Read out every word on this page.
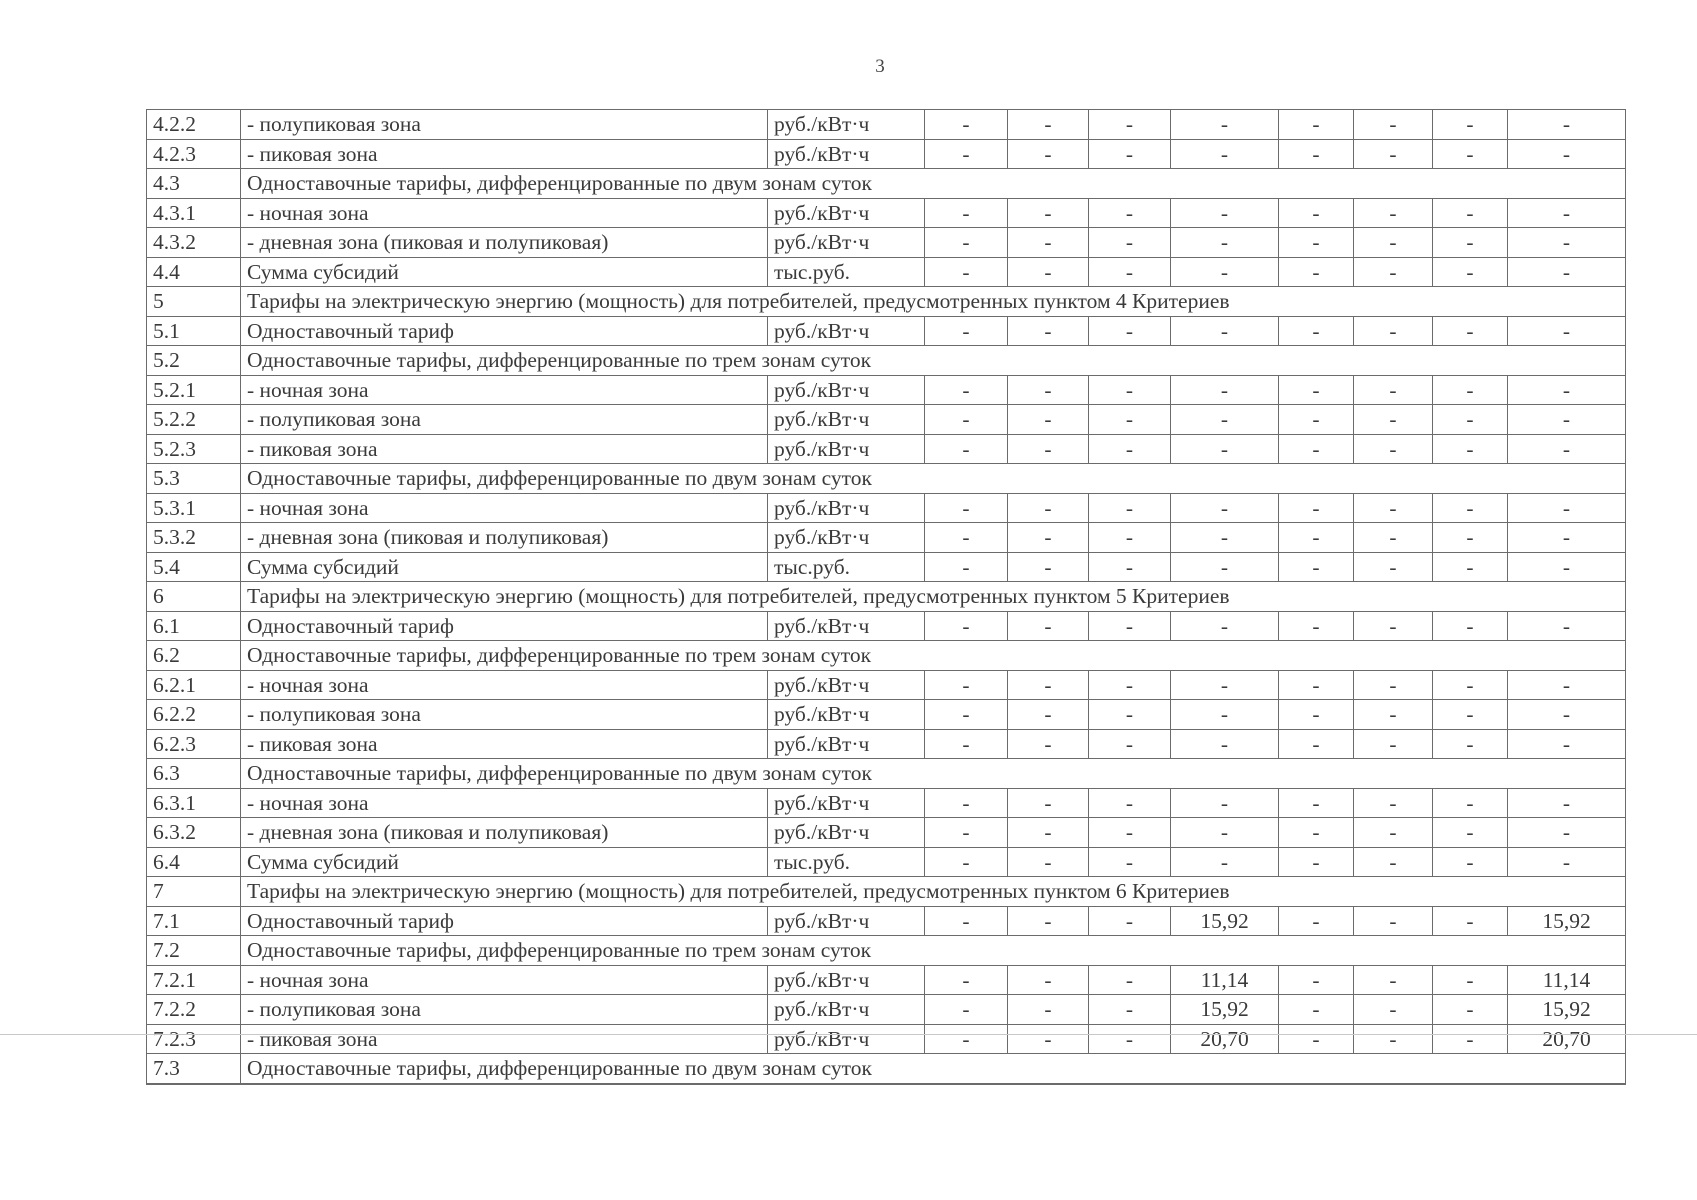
3
4.2.2	- полупиковая зона	руб./кВт·ч	-	-	-	-	-	-	-	-
4.2.3	- пиковая зона	руб./кВт·ч	-	-	-	-	-	-	-	-
4.3	Одноставочные тарифы, дифференцированные по двум зонам суток									
4.3.1	- ночная зона	руб./кВт·ч	-	-	-	-	-	-	-	-
4.3.2	- дневная зона (пиковая и полупиковая)	руб./кВт·ч	-	-	-	-	-	-	-	-
4.4	Сумма субсидий	тыс.руб.	-	-	-	-	-	-	-	-
5	Тарифы на электрическую энергию (мощность) для потребителей, предусмотренных пунктом 4 Критериев									
5.1	Одноставочный тариф	руб./кВт·ч	-	-	-	-	-	-	-	-
5.2	Одноставочные тарифы, дифференцированные по трем зонам суток									
5.2.1	- ночная зона	руб./кВт·ч	-	-	-	-	-	-	-	-
5.2.2	- полупиковая зона	руб./кВт·ч	-	-	-	-	-	-	-	-
5.2.3	- пиковая зона	руб./кВт·ч	-	-	-	-	-	-	-	-
5.3	Одноставочные тарифы, дифференцированные по двум зонам суток									
5.3.1	- ночная зона	руб./кВт·ч	-	-	-	-	-	-	-	-
5.3.2	- дневная зона (пиковая и полупиковая)	руб./кВт·ч	-	-	-	-	-	-	-	-
5.4	Сумма субсидий	тыс.руб.	-	-	-	-	-	-	-	-
6	Тарифы на электрическую энергию (мощность) для потребителей, предусмотренных пунктом 5 Критериев									
6.1	Одноставочный тариф	руб./кВт·ч	-	-	-	-	-	-	-	-
6.2	Одноставочные тарифы, дифференцированные по трем зонам суток									
6.2.1	- ночная зона	руб./кВт·ч	-	-	-	-	-	-	-	-
6.2.2	- полупиковая зона	руб./кВт·ч	-	-	-	-	-	-	-	-
6.2.3	- пиковая зона	руб./кВт·ч	-	-	-	-	-	-	-	-
6.3	Одноставочные тарифы, дифференцированные по двум зонам суток									
6.3.1	- ночная зона	руб./кВт·ч	-	-	-	-	-	-	-	-
6.3.2	- дневная зона (пиковая и полупиковая)	руб./кВт·ч	-	-	-	-	-	-	-	-
6.4	Сумма субсидий	тыс.руб.	-	-	-	-	-	-	-	-
7	Тарифы на электрическую энергию (мощность) для потребителей, предусмотренных пунктом 6 Критериев									
7.1	Одноставочный тариф	руб./кВт·ч	-	-	-	15,92	-	-	-	15,92
7.2	Одноставочные тарифы, дифференцированные по трем зонам суток									
7.2.1	- ночная зона	руб./кВт·ч	-	-	-	11,14	-	-	-	11,14
7.2.2	- полупиковая зона	руб./кВт·ч	-	-	-	15,92	-	-	-	15,92
7.2.3	- пиковая зона	руб./кВт·ч	-	-	-	20,70	-	-	-	20,70
7.3	Одноставочные тарифы, дифференцированные по двум зонам суток									
